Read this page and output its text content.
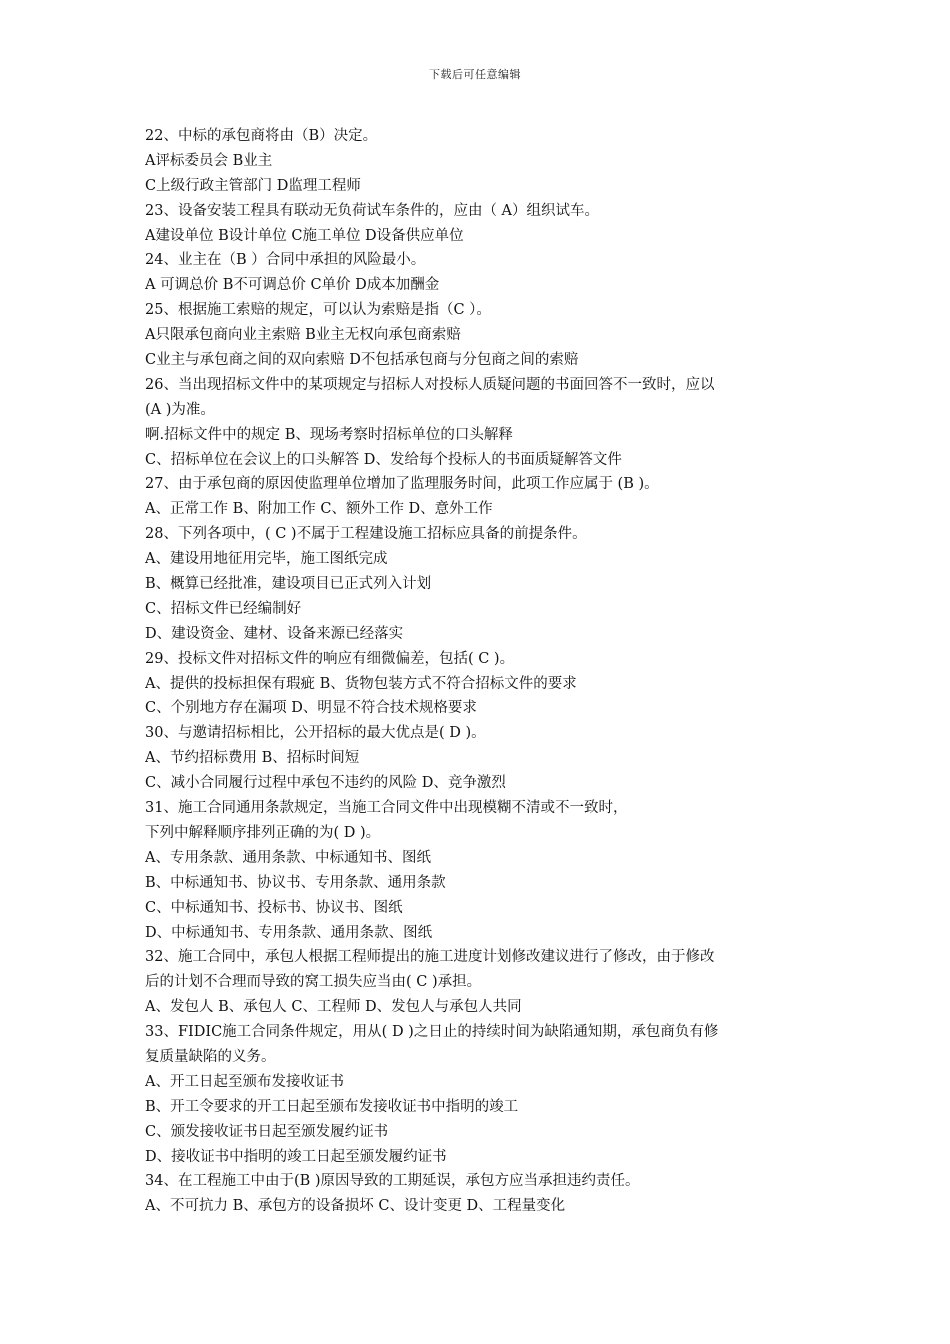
下载后可任意编辑
22、中标的承包商将由（B）决定。
A评标委员会 B业主
C上级行政主管部门 D监理工程师
23、设备安装工程具有联动无负荷试车条件的，应由（ A）组织试车。
A建设单位 B设计单位 C施工单位 D设备供应单位
24、业主在（B ）合同中承担的风险最小。
A 可调总价 B不可调总价 C单价 D成本加酬金
25、根据施工索赔的规定，可以认为索赔是指（C ）。
A只限承包商向业主索赔 B业主无权向承包商索赔
C业主与承包商之间的双向索赔 D不包括承包商与分包商之间的索赔
26、当出现招标文件中的某项规定与招标人对投标人质疑问题的书面回答不一致时，应以
(A )为准。
啊.招标文件中的规定 B、现场考察时招标单位的口头解释
C、招标单位在会议上的口头解答 D、发给每个投标人的书面质疑解答文件
27、由于承包商的原因使监理单位增加了监理服务时间，此项工作应属于 (B )。
A、正常工作 B、附加工作 C、额外工作 D、意外工作
28、下列各项中，( C )不属于工程建设施工招标应具备的前提条件。
A、建设用地征用完毕，施工图纸完成
B、概算已经批准，建设项目已正式列入计划
C、招标文件已经编制好
D、建设资金、建材、设备来源已经落实
29、投标文件对招标文件的响应有细微偏差，包括( C )。
A、提供的投标担保有瑕疵 B、货物包装方式不符合招标文件的要求
C、个别地方存在漏项 D、明显不符合技术规格要求
30、与邀请招标相比，公开招标的最大优点是( D )。
A、节约招标费用 B、招标时间短
C、减小合同履行过程中承包不违约的风险 D、竞争激烈
31、施工合同通用条款规定，当施工合同文件中出现模糊不清或不一致时，
下列中解释顺序排列正确的为( D )。
A、专用条款、通用条款、中标通知书、图纸
B、中标通知书、协议书、专用条款、通用条款
C、中标通知书、投标书、协议书、图纸
D、中标通知书、专用条款、通用条款、图纸
32、施工合同中，承包人根据工程师提出的施工进度计划修改建议进行了修改，由于修改
后的计划不合理而导致的窝工损失应当由( C )承担。
A、发包人 B、承包人 C、工程师 D、发包人与承包人共同
33、FIDIC施工合同条件规定，用从( D )之日止的持续时间为缺陷通知期，承包商负有修
复质量缺陷的义务。
A、开工日起至颁布发接收证书
B、开工令要求的开工日起至颁布发接收证书中指明的竣工
C、颁发接收证书日起至颁发履约证书
D、接收证书中指明的竣工日起至颁发履约证书
34、在工程施工中由于(B )原因导致的工期延误，承包方应当承担违约责任。
A、不可抗力 B、承包方的设备损坏 C、设计变更 D、工程量变化
